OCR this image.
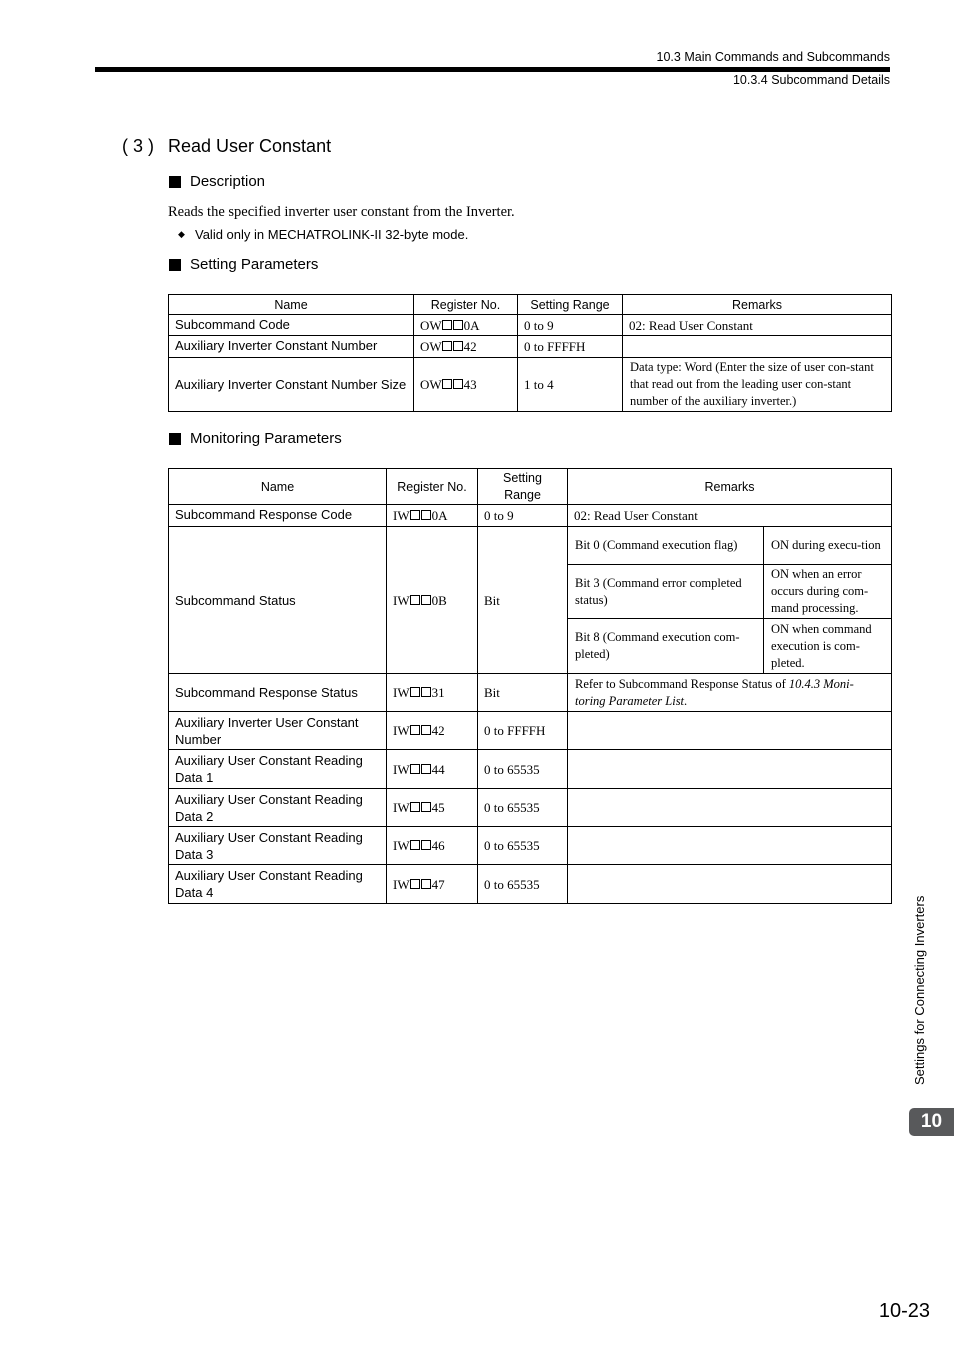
10.3 Main Commands and Subcommands
10.3.4 Subcommand Details
( 3 ) Read User Constant
Description
Reads the specified inverter user constant from the Inverter.
◆ Valid only in MECHATROLINK-II 32-byte mode.
Setting Parameters
Name	Register No.	Setting Range	Remarks
Subcommand Code	OW 0A	0 to 9	02: Read User Constant
Auxiliary Inverter Constant Number	OW 42	0 to FFFFH	
Auxiliary Inverter Constant Number Size	OW 43	1 to 4	Data type: Word (Enter the size of user con-stant that read out from the leading user con-stant number of the auxiliary inverter.)
Monitoring Parameters
Name	Register No.	Setting Range	Remarks	
Subcommand Response Code	IW 0A	0 to 9	02: Read User Constant	
Subcommand Status	IW 0B	Bit	Bit 0 (Command execution flag)	ON during execu-tion
			Bit 3 (Command error completed status)	ON when an error occurs during com-mand processing.
			Bit 8 (Command execution com-pleted)	ON when command execution is com-pleted.
Subcommand Response Status	IW 31	Bit	Refer to Subcommand Response Status of 10.4.3 Moni-toring Parameter List.	
Auxiliary Inverter User Constant Number	IW 42	0 to FFFFH		
Auxiliary User Constant Reading Data 1	IW 44	0 to 65535		
Auxiliary User Constant Reading Data 2	IW 45	0 to 65535		
Auxiliary User Constant Reading Data 3	IW 46	0 to 65535		
Auxiliary User Constant Reading Data 4	IW 47	0 to 65535		
Settings for Connecting Inverters
10
10-23
